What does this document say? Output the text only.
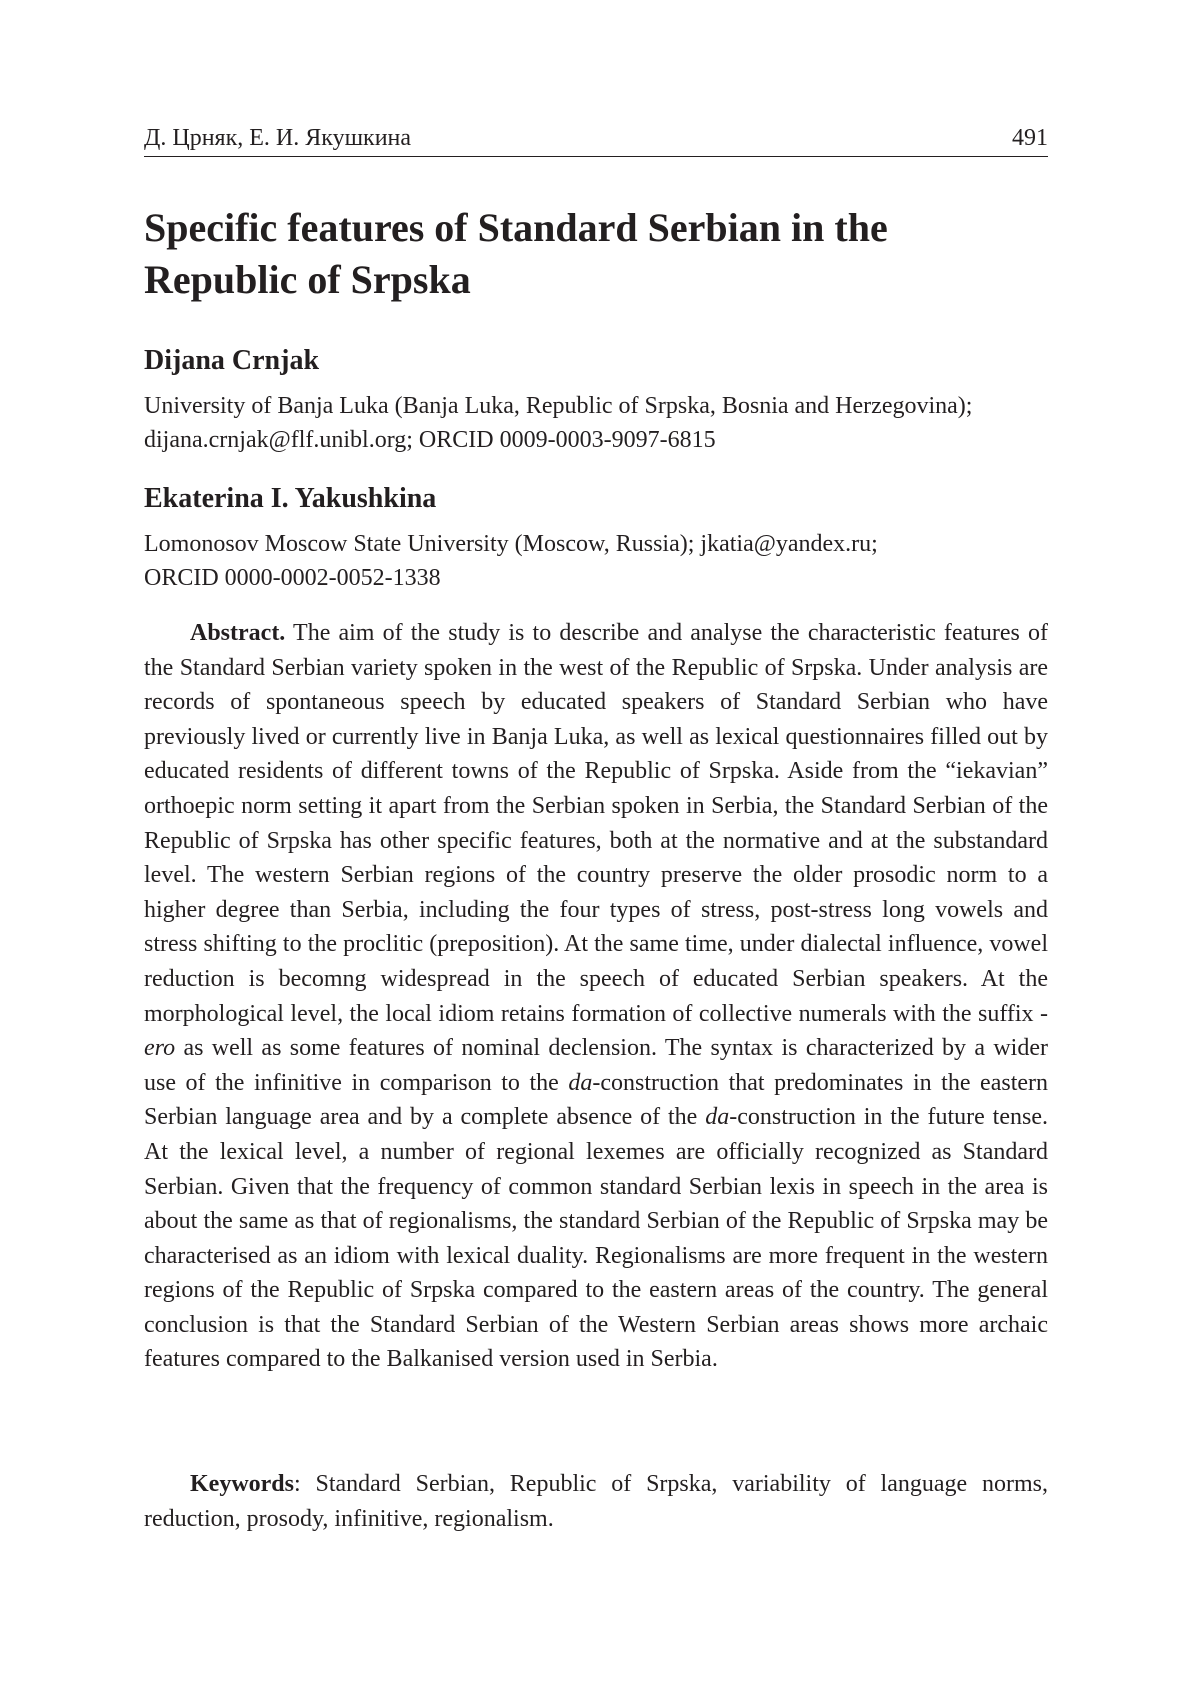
Д. Црняк, Е. И. Якушкина	491
Specific features of Standard Serbian in the
Republic of Srpska
Dijana Crnjak
University of Banja Luka (Banja Luka, Republic of Srpska, Bosnia and Herzegovina);
dijana.crnjak@flf.unibl.org; ORCID 0009-0003-9097-6815
Ekaterina I. Yakushkina
Lomonosov Moscow State University (Moscow, Russia); jkatia@yandex.ru;
ORCID 0000-0002-0052-1338

Abstract. The aim of the study is to describe and analyse the characteristic features of the Standard Serbian variety spoken in the west of the Republic of Srpska. Under analysis are records of spontaneous speech by educated speakers of Standard Serbian who have previously lived or currently live in Banja Luka, as well as lexical questionnaires filled out by educated residents of different towns of the Republic of Srpska. Aside from the “iekavian” orthoepic norm setting it apart from the Serbian spoken in Serbia, the Standard Serbian of the Republic of Srpska has other specific features, both at the normative and at the substandard level. The western Serbian regions of the country preserve the older prosodic norm to a higher degree than Serbia, including the four types of stress, post-stress long vowels and stress shifting to the proclitic (preposition). At the same time, under dialectal influence, vowel reduction is becomng widespread in the speech of educated Serbian speakers. At the morphological level, the local idiom retains formation of collective numerals with the suffix -ero as well as some features of nominal declension. The syntax is characterized by a wider use of the infinitive in comparison to the da-construction that predominates in the eastern Serbian language area and by a complete absence of the da-construction in the future tense. At the lexical level, a number of regional lexemes are officially recognized as Standard Serbian. Given that the frequency of common standard Serbian lexis in speech in the area is about the same as that of regionalisms, the standard Serbian of the Republic of Srpska may be characterised as an idiom with lexical duality. Regionalisms are more frequent in the western regions of the Republic of Srpska compared to the eastern areas of the country. The general conclusion is that the Standard Serbian of the Western Serbian areas shows more archaic features compared to the Balkanised version used in Serbia.

Keywords: Standard Serbian, Republic of Srpska, variability of language norms, reduction, prosody, infinitive, regionalism.
